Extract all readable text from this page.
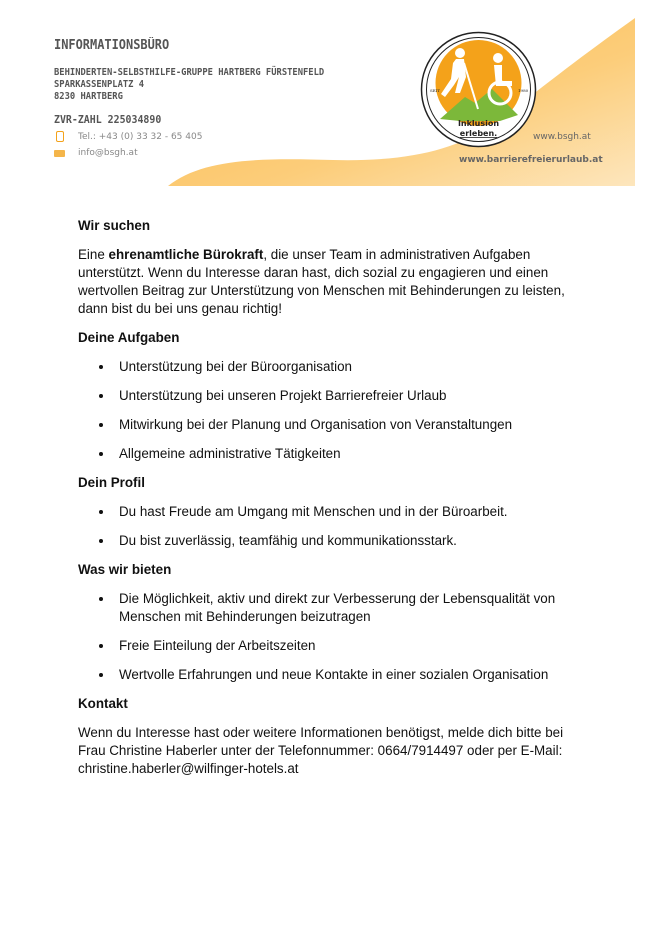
INFORMATIONSBÜRO
BEHINDERTEN-SELBSTHILFE-GRUPPE HARTBERG FÜRSTENFELD
SPARKASSENPLATZ 4
8230 HARTBERG
ZVR-ZAHL 225034890
Tel.: +43 (0) 33 32 - 65 405
info@bsgh.at
SEIT	1980
Inklusion
erleben.	www.bsgh.at
www.barrierefreierurlaub.at
Wir suchen

Eine ehrenamtliche Bürokraft, die unser Team in administrativen Aufgaben unterstützt. Wenn du Interesse daran hast, dich sozial zu engagieren und einen wertvollen Beitrag zur Unterstützung von Menschen mit Behinderungen zu leisten, dann bist du bei uns genau richtig!

Deine Aufgaben
Unterstützung bei der Büroorganisation
Unterstützung bei unseren Projekt Barrierefreier Urlaub
Mitwirkung bei der Planung und Organisation von Veranstaltungen
Allgemeine administrative Tätigkeiten
Dein Profil
Du hast Freude am Umgang mit Menschen und in der Büroarbeit.
Du bist zuverlässig, teamfähig und kommunikationsstark.
Was wir bieten
Die Möglichkeit, aktiv und direkt zur Verbesserung der Lebensqualität von Menschen mit Behinderungen beizutragen
Freie Einteilung der Arbeitszeiten
Wertvolle Erfahrungen und neue Kontakte in einer sozialen Organisation
Kontakt

Wenn du Interesse hast oder weitere Informationen benötigst, melde dich bitte bei Frau Christine Haberler unter der Telefonnummer: 0664/7914497 oder per E-Mail: christine.haberler@wilfinger-hotels.at
